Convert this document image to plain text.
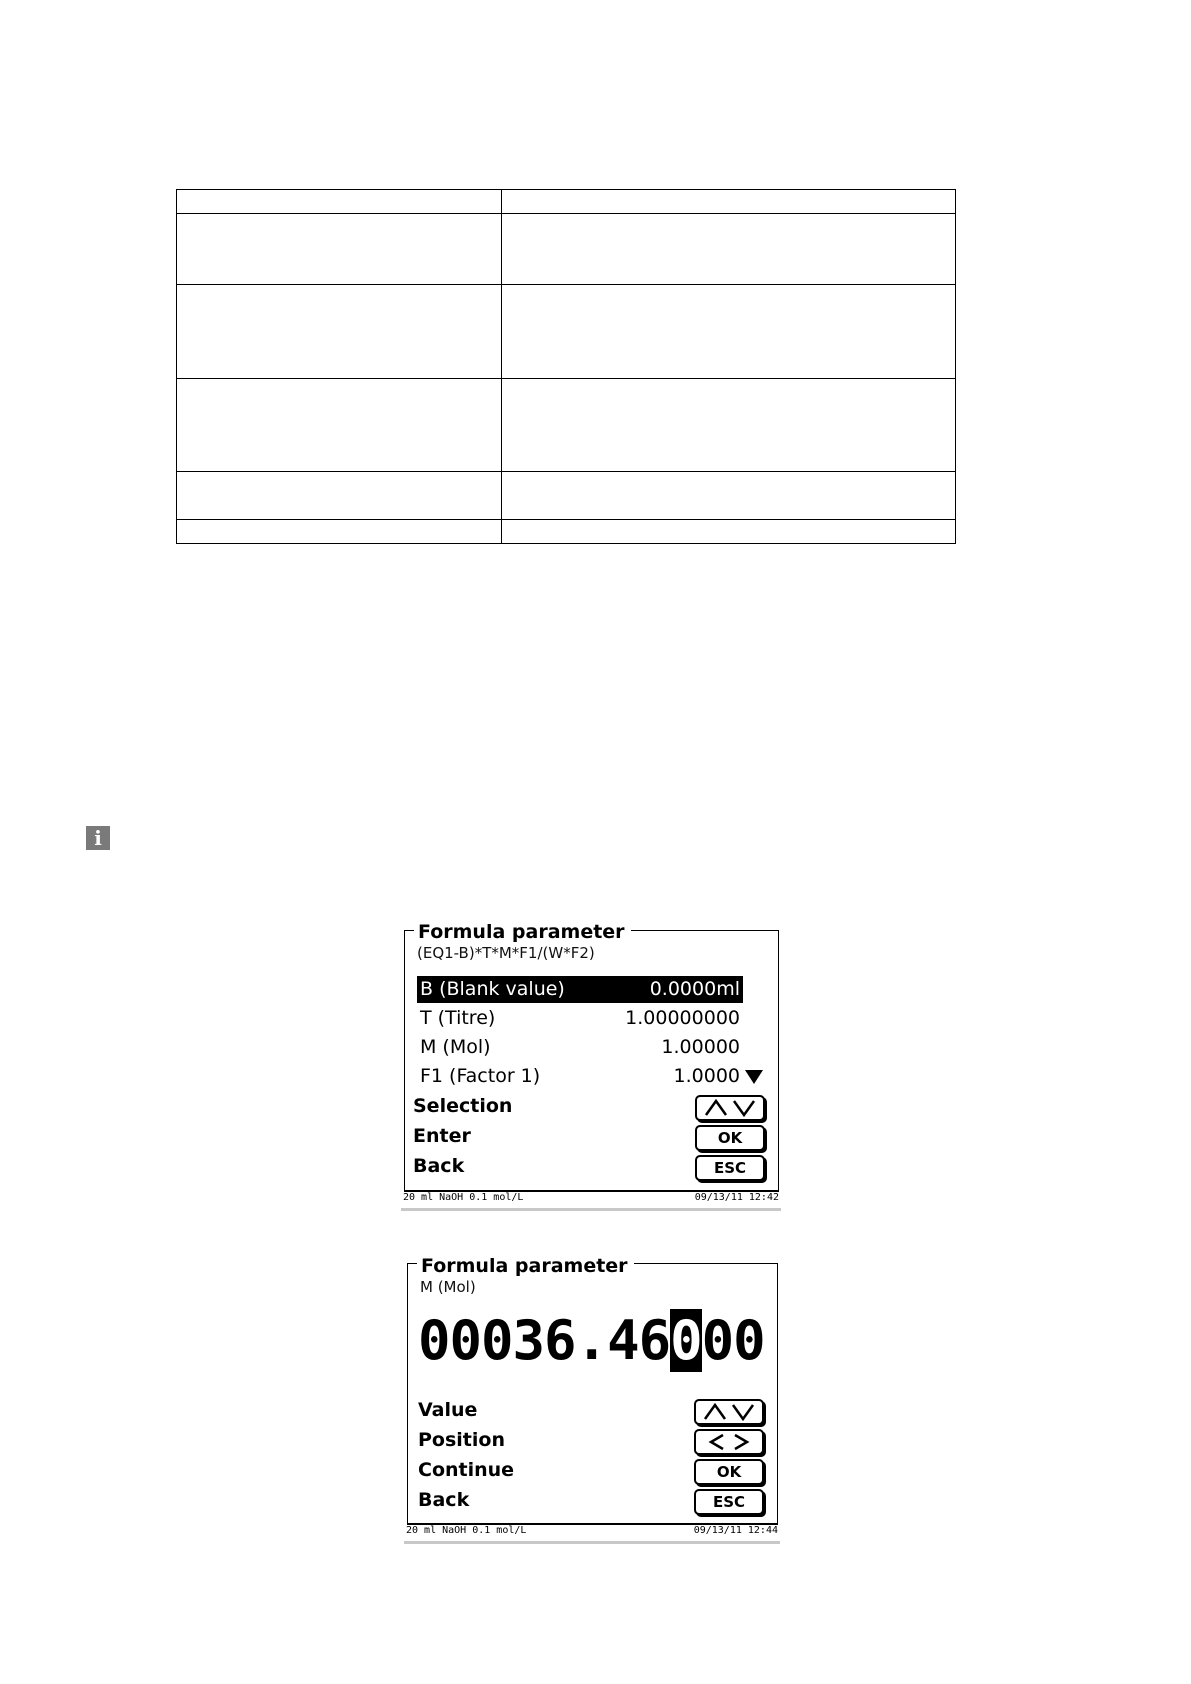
i
Formula parameter
(EQ1-B)*T*M*F1/(W*F2)
B (Blank value)	0.0000ml
T (Titre)	1.00000000
M (Mol)	1.00000
F1 (Factor 1)	1.0000
Selection
Enter	OK
Back	ESC
20 ml NaOH 0.1 mol/L	09/13/11 12:42
Formula parameter
M (Mol)
00036.46000
Value
Position
Continue	OK
Back	ESC
20 ml NaOH 0.1 mol/L	09/13/11 12:44
